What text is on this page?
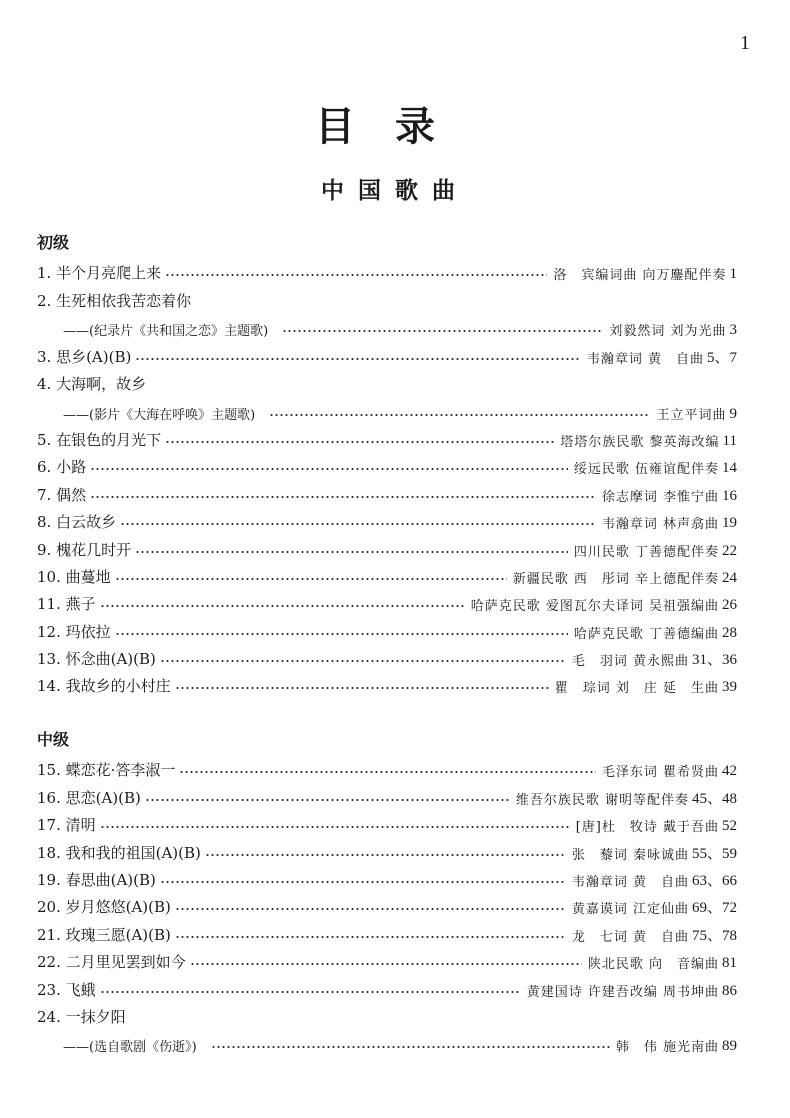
1
目录
中国歌曲
初级
1. 半个月亮爬上来	洛　宾编词曲 向万鏖配伴奏 1
2. 生死相依我苦恋着你
——(纪录片《共和国之恋》主题歌)	刘毅然词 刘为光曲 3
3. 思乡(A)(B)	韦瀚章词 黄　自曲 5、7
4. 大海啊，故乡
——(影片《大海在呼唤》主题歌)	王立平词曲 9
5. 在银色的月光下	塔塔尔族民歌 黎英海改编 11
6. 小路	绥远民歌 伍雍谊配伴奏 14
7. 偶然	徐志摩词 李惟宁曲 16
8. 白云故乡	韦瀚章词 林声翕曲 19
9. 槐花几时开	四川民歌 丁善德配伴奏 22
10. 曲蔓地	新疆民歌 西　彤词 辛上德配伴奏 24
11. 燕子	哈萨克民歌 爱图瓦尔夫译词 吴祖强编曲 26
12. 玛依拉	哈萨克民歌 丁善德编曲 28
13. 怀念曲(A)(B)	毛　羽词 黄永熙曲 31、36
14. 我故乡的小村庄	瞿　琮词 刘　庄 延　生曲 39
中级
15. 蝶恋花·答李淑一	毛泽东词 瞿希贤曲 42
16. 思恋(A)(B)	维吾尔族民歌 谢明等配伴奏 45、48
17. 清明	[唐]杜　牧诗 戴于吾曲 52
18. 我和我的祖国(A)(B)	张　藜词 秦咏诚曲 55、59
19. 春思曲(A)(B)	韦瀚章词 黄　自曲 63、66
20. 岁月悠悠(A)(B)	黄嘉谟词 江定仙曲 69、72
21. 玫瑰三愿(A)(B)	龙　七词 黄　自曲 75、78
22. 二月里见罢到如今	陕北民歌 向　音编曲 81
23. 飞蛾	黄建国诗 许建吾改编 周书坤曲 86
24. 一抹夕阳
——(选自歌剧《伤逝》)	韩　伟 施光南曲 89
